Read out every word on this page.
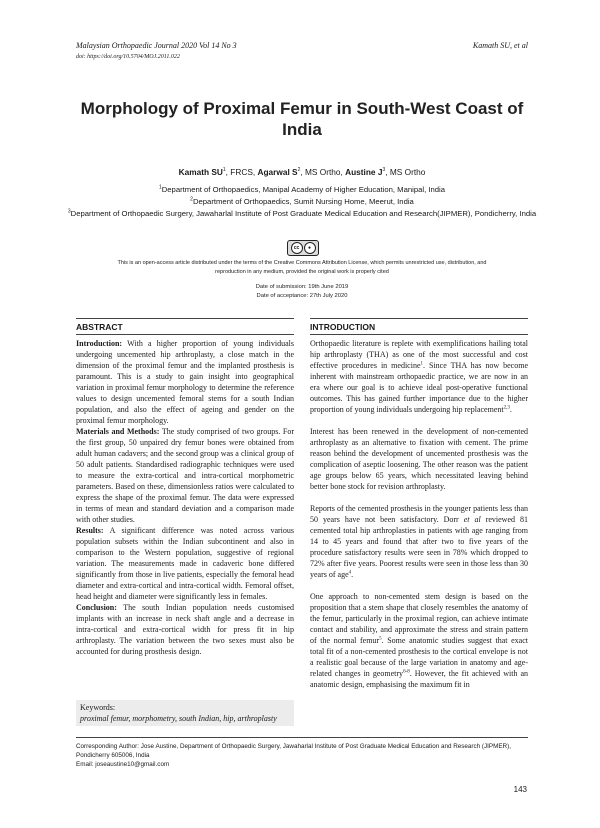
Malaysian Orthopaedic Journal 2020 Vol 14 No 3
doi: https://doi.org/10.5704/MOJ.2011.022
Kamath SU, et al
Morphology of Proximal Femur in South-West Coast of India
Kamath $SU^1$, FRCS, Agarwal $S^2$, MS Ortho, Austine $J^3$, MS Ortho
$^1$Department of Orthopaedics, Manipal Academy of Higher Education, Manipal, India
$^2$Department of Orthopaedics, Sumit Nursing Home, Meerut, India
$^3$Department of Orthopaedic Surgery, Jawaharlal Institute of Post Graduate Medical Education and Research(JIPMER), Pondicherry, India
cc	●
This is an open-access article distributed under the terms of the Creative Commons Attribution License, which permits unrestricted use, distribution, and reproduction in any medium, provided the original work is properly cited
Date of submission: 19th June 2019
Date of acceptance: 27th July 2020
ABSTRACT	INTRODUCTION

Introduction: With a higher proportion of young individuals undergoing uncemented hip arthroplasty, a close match in the dimension of the proximal femur and the implanted prosthesis is paramount. This is a study to gain insight into geographical variation in proximal femur morphology to determine the reference values to design uncemented femoral stems for a south Indian population, and also the effect of ageing and gender on the proximal femur morphology.

Materials and Methods: The study comprised of two groups. For the first group, 50 unpaired dry femur bones were obtained from adult human cadavers; and the second group was a clinical group of 50 adult patients. Standardised radiographic techniques were used to measure the extra-cortical and intra-cortical morphometric parameters. Based on these, dimensionless ratios were calculated to express the shape of the proximal femur. The data were expressed in terms of mean and standard deviation and a comparison made with other studies.

Results: A significant difference was noted across various population subsets within the Indian subcontinent and also in comparison to the Western population, suggestive of regional variation. The measurements made in cadaveric bone differed significantly from those in live patients, especially the femoral head diameter and extra-cortical and intra-cortical width. Femoral offset, head height and diameter were significantly less in females.

Conclusion: The south Indian population needs customised implants with an increase in neck shaft angle and a decrease in intra-cortical and extra-cortical width for press fit in hip arthroplasty. The variation between the two sexes must also be accounted for during prosthesis design.

Keywords:
proximal femur, morphometry, south Indian, hip, arthroplasty

Orthopaedic literature is replete with exemplifications hailing total hip arthroplasty (THA) as one of the most successful and cost effective procedures in medicine$^1$. Since THA has now become inherent with mainstream orthopaedic practice, we are now in an era where our goal is to achieve ideal post-operative functional outcomes. This has gained further importance due to the higher proportion of young individuals undergoing hip replacement$^{2,3}$.

Interest has been renewed in the development of non-cemented arthroplasty as an alternative to fixation with cement. The prime reason behind the development of uncemented prosthesis was the complication of aseptic loosening. The other reason was the patient age groups below 65 years, which necessitated leaving behind better bone stock for revision arthroplasty.

Reports of the cemented prosthesis in the younger patients less than 50 years have not been satisfactory. Dorr et al reviewed 81 cemented total hip arthroplasties in patients with age ranging from 14 to 45 years and found that after two to five years of the procedure satisfactory results were seen in 78% which dropped to 72% after five years. Poorest results were seen in those less than 30 years of age$^4$.

One approach to non-cemented stem design is based on the proposition that a stem shape that closely resembles the anatomy of the femur, particularly in the proximal region, can achieve intimate contact and stability, and approximate the stress and strain pattern of the normal femur$^5$. Some anatomic studies suggest that exact total fit of a non-cemented prosthesis to the cortical envelope is not a realistic goal because of the large variation in anatomy and age-related changes in geometry$^{6-8}$. However, the fit achieved with an anatomic design, emphasising the maximum fit in

Corresponding Author: Jose Austine, Department of Orthopaedic Surgery, Jawaharlal Institute of Post Graduate Medical Education and Research (JIPMER), Pondicherry 605006, India
Email: joseaustine10@gmail.com
143
